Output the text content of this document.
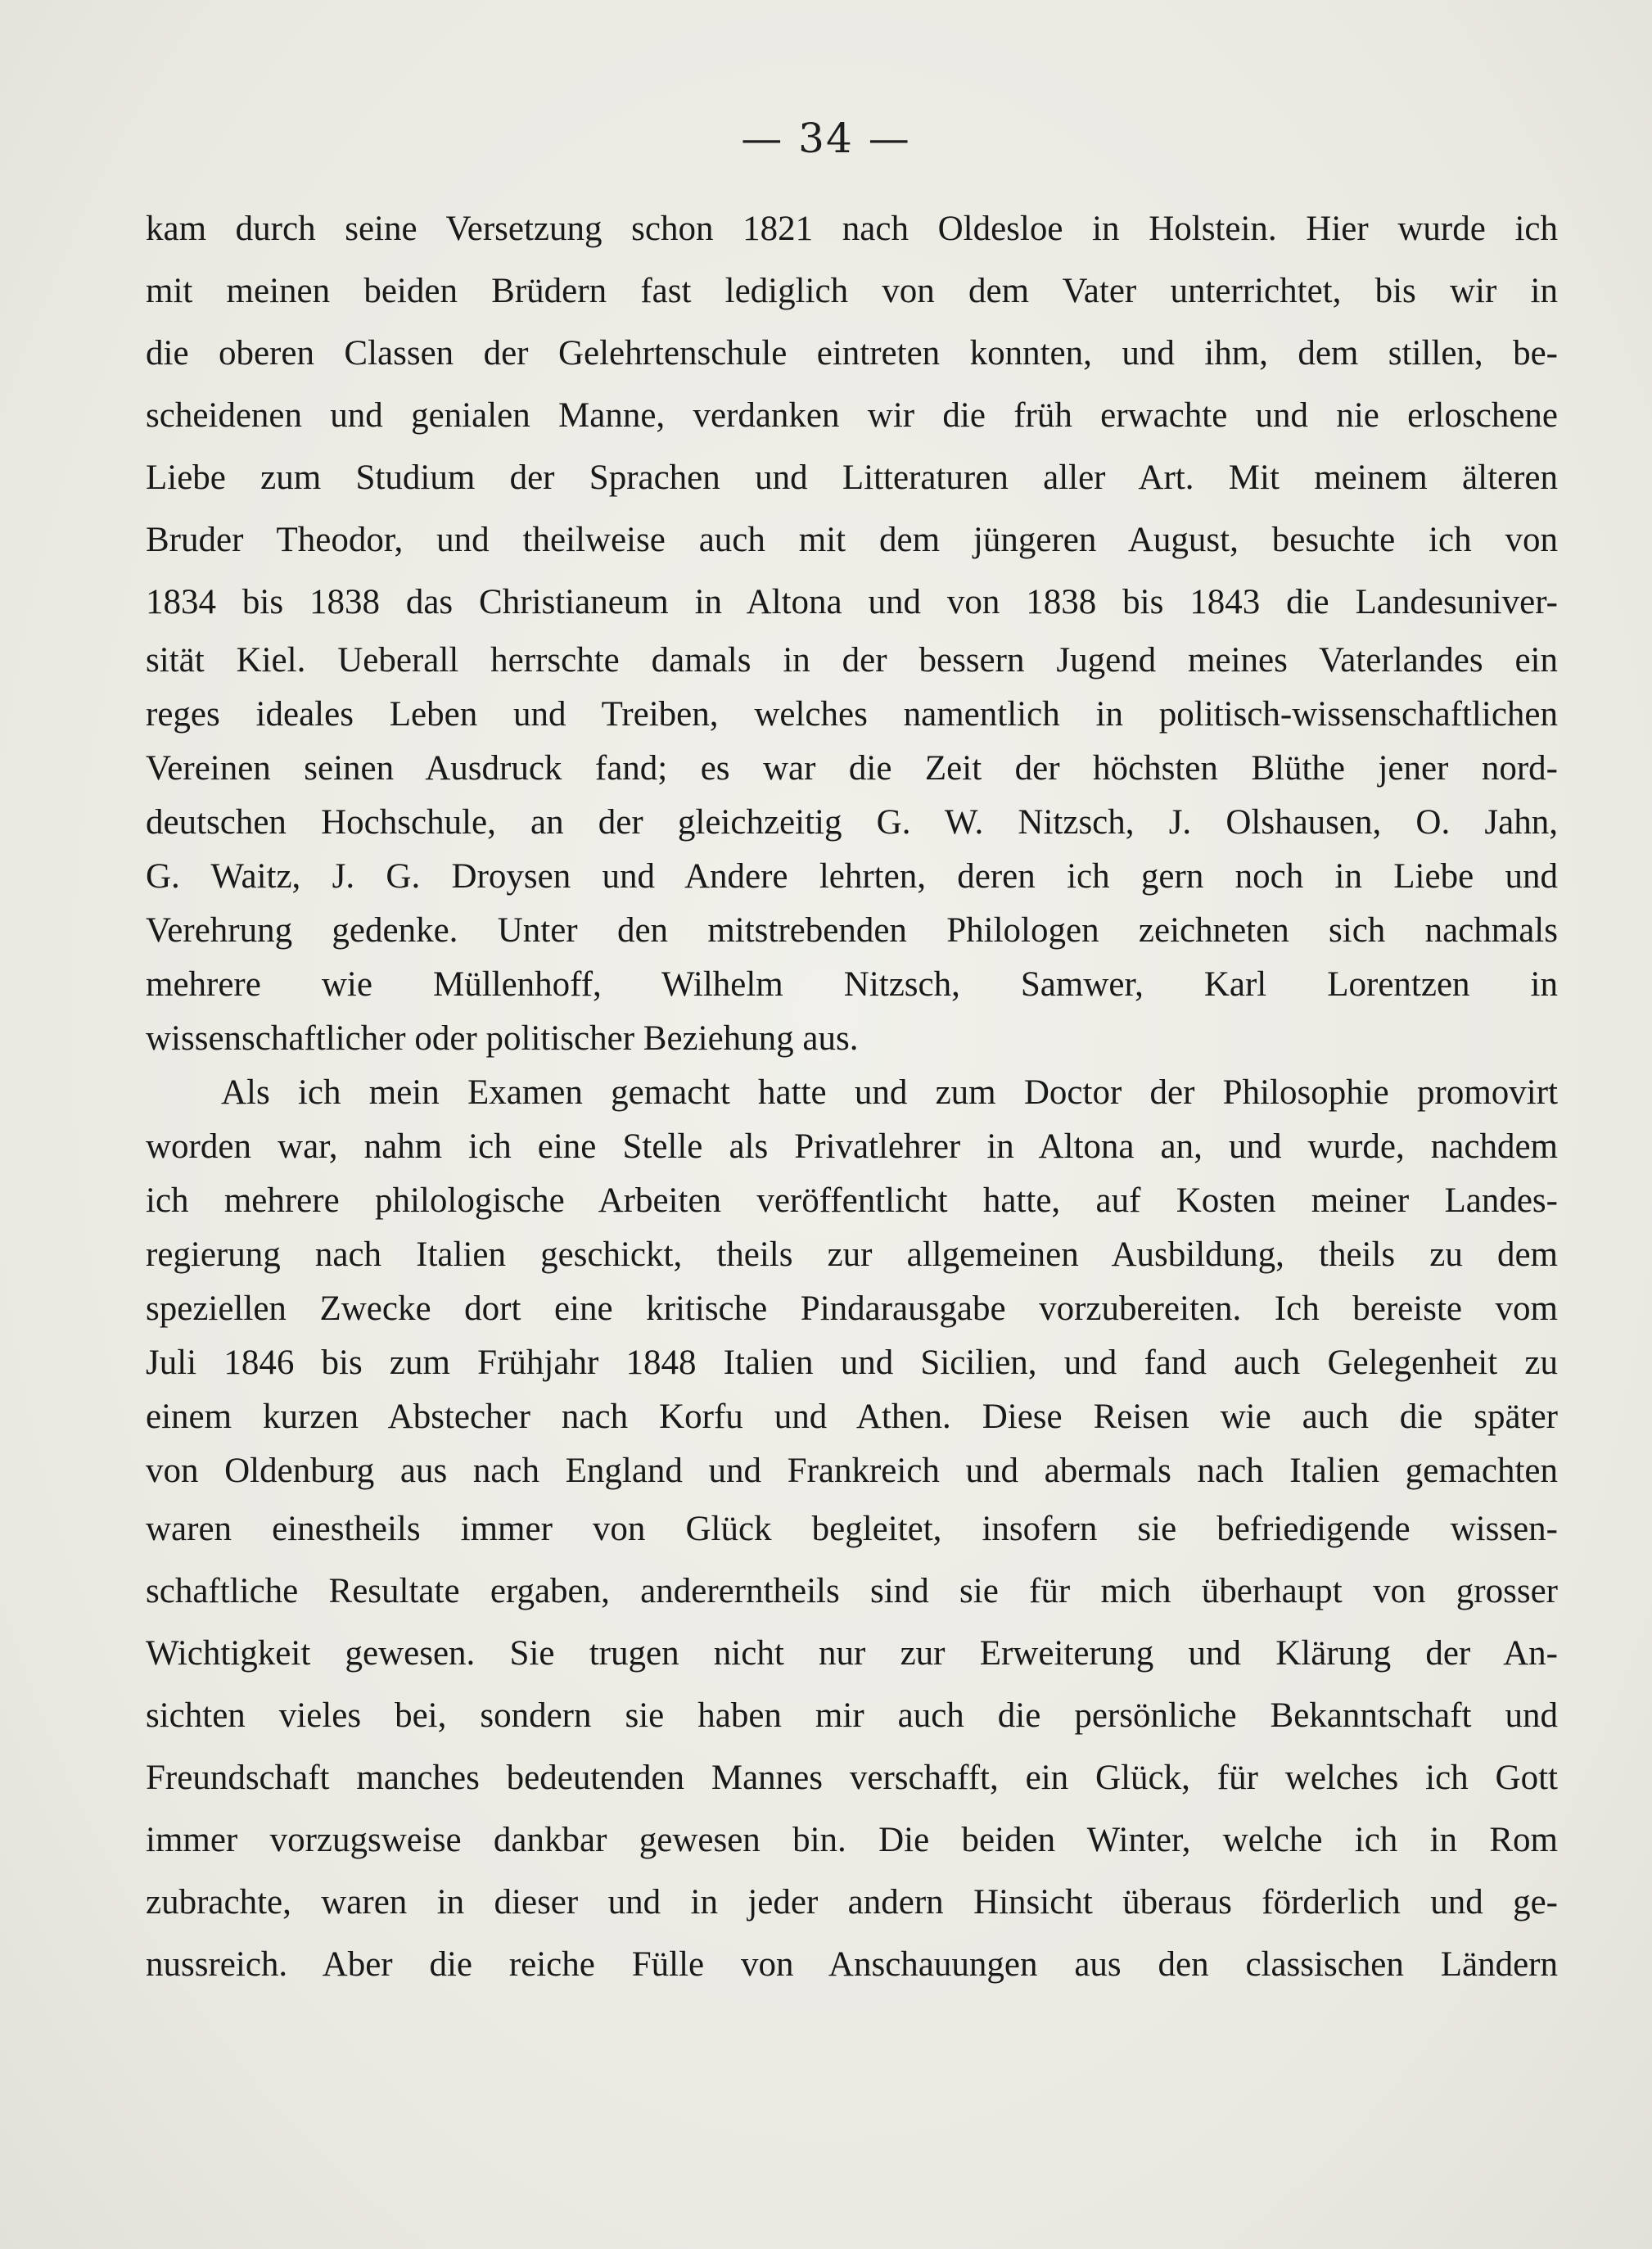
— 34 —
kam durch seine Versetzung schon 1821 nach Oldesloe in Holstein. Hier wurde ich
mit meinen beiden Brüdern fast lediglich von dem Vater unterrichtet, bis wir in
die oberen Classen der Gelehrtenschule eintreten konnten, und ihm, dem stillen, be-
scheidenen und genialen Manne, verdanken wir die früh erwachte und nie erloschene
Liebe zum Studium der Sprachen und Litteraturen aller Art. Mit meinem älteren
Bruder Theodor, und theilweise auch mit dem jüngeren August, besuchte ich von
1834 bis 1838 das Christianeum in Altona und von 1838 bis 1843 die Landesuniver-
sität Kiel. Ueberall herrschte damals in der bessern Jugend meines Vaterlandes ein
reges ideales Leben und Treiben, welches namentlich in politisch-wissenschaftlichen
Vereinen seinen Ausdruck fand; es war die Zeit der höchsten Blüthe jener nord-
deutschen Hochschule, an der gleichzeitig G. W. Nitzsch, J. Olshausen, O. Jahn,
G. Waitz, J. G. Droysen und Andere lehrten, deren ich gern noch in Liebe und
Verehrung gedenke. Unter den mitstrebenden Philologen zeichneten sich nachmals
mehrere wie Müllenhoff, Wilhelm Nitzsch, Samwer, Karl Lorentzen in
wissenschaftlicher oder politischer Beziehung aus.
Als ich mein Examen gemacht hatte und zum Doctor der Philosophie promovirt
worden war, nahm ich eine Stelle als Privatlehrer in Altona an, und wurde, nachdem
ich mehrere philologische Arbeiten veröffentlicht hatte, auf Kosten meiner Landes-
regierung nach Italien geschickt, theils zur allgemeinen Ausbildung, theils zu dem
speziellen Zwecke dort eine kritische Pindarausgabe vorzubereiten. Ich bereiste vom
Juli 1846 bis zum Frühjahr 1848 Italien und Sicilien, und fand auch Gelegenheit zu
einem kurzen Abstecher nach Korfu und Athen. Diese Reisen wie auch die später
von Oldenburg aus nach England und Frankreich und abermals nach Italien gemachten
waren einestheils immer von Glück begleitet, insofern sie befriedigende wissen-
schaftliche Resultate ergaben, andererntheils sind sie für mich überhaupt von grosser
Wichtigkeit gewesen. Sie trugen nicht nur zur Erweiterung und Klärung der An-
sichten vieles bei, sondern sie haben mir auch die persönliche Bekanntschaft und
Freundschaft manches bedeutenden Mannes verschafft, ein Glück, für welches ich Gott
immer vorzugsweise dankbar gewesen bin. Die beiden Winter, welche ich in Rom
zubrachte, waren in dieser und in jeder andern Hinsicht überaus förderlich und ge-
nussreich. Aber die reiche Fülle von Anschauungen aus den classischen Ländern
